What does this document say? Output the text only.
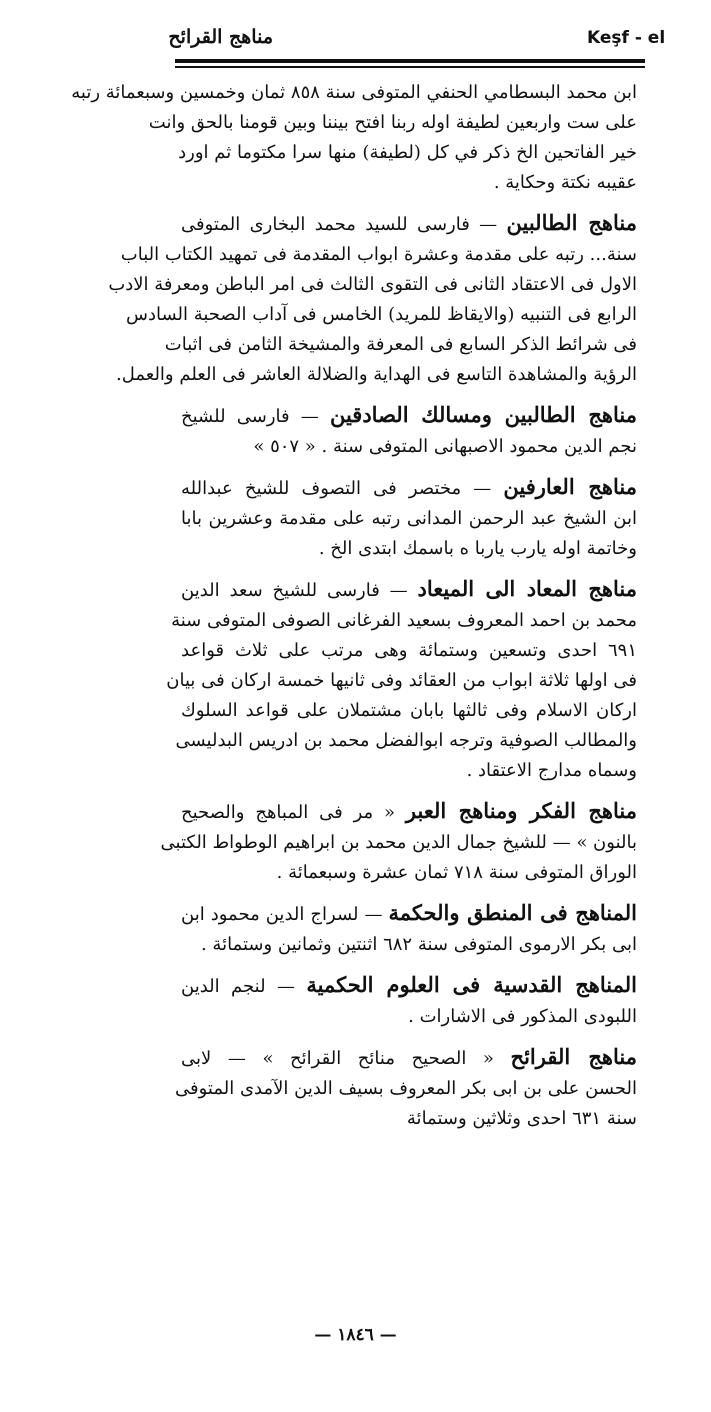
Keşf - el
مناهج القرائح
ابن محمد البسطامي الحنفي المتوفى سنة ٨٥٨ ثمان وخمسين وسبعمائة رتبه
على ست واربعين لطيفة اوله ربنا افتح بيننا وبين قومنا بالحق وانت
خير الفاتحين الخ ذكر في كل (لطيفة) منها سرا مكتوما ثم اورد
عقيبه نكتة وحكاية .
مناهج الطالبين — فارسى للسيد محمد البخارى المتوفى
سنة... رتبه على مقدمة وعشرة ابواب المقدمة فى تمهيد الكتاب الباب
الاول فى الاعتقاد الثانى فى التقوى الثالث فى امر الباطن ومعرفة الادب
الرابع فى التنبيه (والايقاظ للمريد) الخامس فى آداب الصحبة السادس
فى شرائط الذكر السابع فى المعرفة والمشيخة الثامن فى اثبات
الرؤية والمشاهدة التاسع فى الهداية والضلالة العاشر فى العلم والعمل.
مناهج الطالبين ومسالك الصادقين — فارسى للشيخ
نجم الدين محمود الاصبهانى المتوفى سنة . « ٥٠٧ »
مناهج العارفين — مختصر فى التصوف للشيخ عبدالله
ابن الشيخ عبد الرحمن المدانى رتبه على مقدمة وعشرين بابا
وخاتمة اوله يارب ياربا ه باسمك ابتدى الخ .
مناهج المعاد الى الميعاد — فارسى للشيخ سعد الدين
محمد بن احمد المعروف بسعيد الفرغانى الصوفى المتوفى سنة
٦٩١ احدى وتسعين وستمائة وهى مرتب على ثلاث قواعد
فى اولها ثلاثة ابواب من العقائد وفى ثانيها خمسة اركان فى بيان
اركان الاسلام وفى ثالثها بابان مشتملان على قواعد السلوك
والمطالب الصوفية وترجه ابوالفضل محمد بن ادريس البدليسى
وسماه مدارج الاعتقاد .
مناهج الفكر ومناهج العبر « مر فى المباهج والصحيح
بالنون » — للشيخ جمال الدين محمد بن ابراهيم الوطواط الكتبى
الوراق المتوفى سنة ٧١٨ ثمان عشرة وسبعمائة .
المناهج فى المنطق والحكمة — لسراج الدين محمود ابن
ابى بكر الارموى المتوفى سنة ٦٨٢ اثنتين وثمانين وستمائة .
المناهج القدسية فى العلوم الحكمية — لنجم الدين
اللبودى المذكور فى الاشارات .
مناهج القرائح « الصحيح منائح القرائح » — لابى
الحسن على بن ابى بكر المعروف بسيف الدين الآمدى المتوفى
سنة ٦٣١ احدى وثلاثين وستمائة
— ١٨٤٦ —
